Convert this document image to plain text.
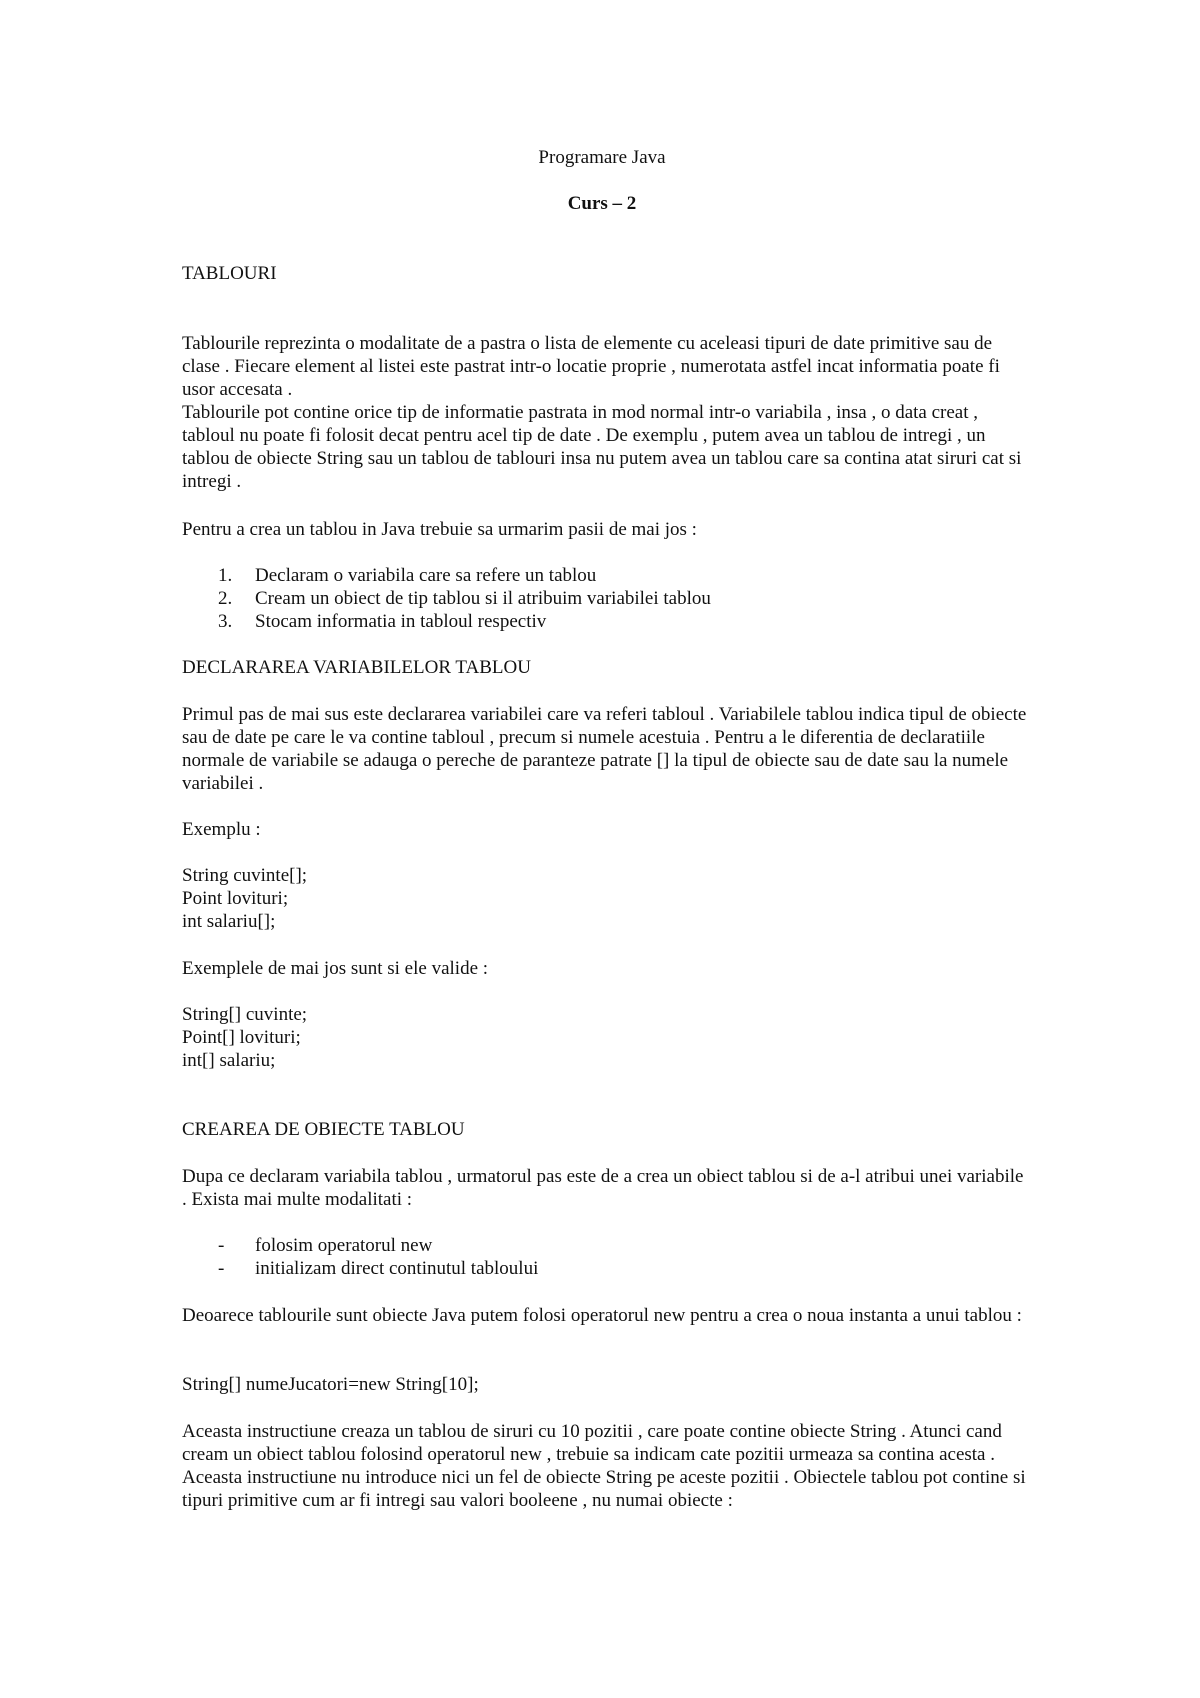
Programare Java
Curs – 2
TABLOURI

Tablourile reprezinta o modalitate de a pastra o lista de elemente cu aceleasi tipuri de date primitive sau de clase . Fiecare element al listei este pastrat intr-o locatie proprie , numerotata astfel incat informatia poate fi usor accesata .

Tablourile pot contine orice tip de informatie pastrata in mod normal intr-o variabila , insa , o data creat , tabloul nu poate fi folosit decat pentru acel tip de date . De exemplu , putem avea un tablou de intregi , un tablou de obiecte String sau un tablou de tablouri insa nu putem avea un tablou care sa contina atat siruri cat si intregi .

Pentru a crea un tablou in Java trebuie sa urmarim pasii de mai jos :
1. Declaram o variabila care sa refere un tablou
2. Cream un obiect de tip tablou si il atribuim variabilei tablou
3. Stocam informatia in tabloul respectiv
DECLARAREA VARIABILELOR TABLOU
Primul pas de mai sus este declararea variabilei care va referi tabloul . Variabilele tablou indica tipul de obiecte sau de date pe care le va contine tabloul , precum si numele acestuia . Pentru a le diferentia de declaratiile normale de variabile se adauga o pereche de paranteze patrate [] la tipul de obiecte sau de date sau la numele variabilei .
Exemplu :
String cuvinte[];
Point lovituri;
int salariu[];
Exemplele de mai jos sunt si ele valide :
String[] cuvinte;
Point[] lovituri;
int[] salariu;
CREAREA DE OBIECTE TABLOU
Dupa ce declaram variabila tablou , urmatorul pas este de a crea un obiect tablou si de a-l atribui unei variabile . Exista mai multe modalitati :
- folosim operatorul new
- initializam direct continutul tabloului
Deoarece tablourile sunt obiecte Java putem folosi operatorul new pentru a crea o noua instanta a unui tablou :
String[] numeJucatori=new String[10];
Aceasta instructiune creaza un tablou de siruri cu 10 pozitii , care poate contine obiecte String . Atunci cand cream un obiect tablou folosind operatorul new , trebuie sa indicam cate pozitii urmeaza sa contina acesta . Aceasta instructiune nu introduce nici un fel de obiecte String pe aceste pozitii . Obiectele tablou pot contine si tipuri primitive cum ar fi intregi sau valori booleene , nu numai obiecte :
